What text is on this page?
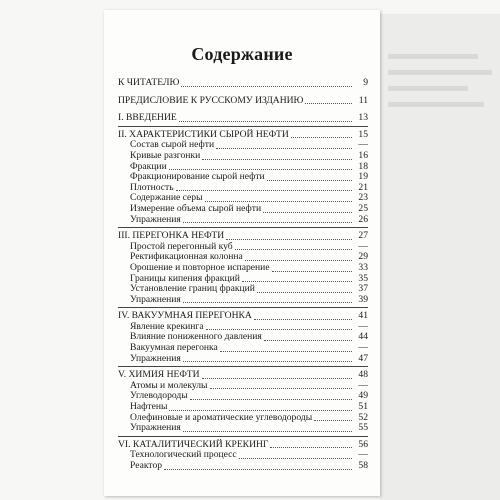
Содержание
К ЧИТАТЕЛЮ	9
ПРЕДИСЛОВИЕ К РУССКОМУ ИЗДАНИЮ	11
I. ВВЕДЕНИЕ	13
II. ХАРАКТЕРИСТИКИ СЫРОЙ НЕФТИ	15
Состав сырой нефти	—
Кривые разгонки	16
Фракции	18
Фракционирование сырой нефти	19
Плотность	21
Содержание серы	23
Измерение объема сырой нефти	25
Упражнения	26
III. ПЕРЕГОНКА НЕФТИ	27
Простой перегонный куб	—
Ректификационная колонна	29
Орошение и повторное испарение	33
Границы кипения фракций	35
Установление границ фракций	37
Упражнения	39
IV. ВАКУУМНАЯ ПЕРЕГОНКА	41
Явление крекинга	—
Влияние пониженного давления	44
Вакуумная перегонка	—
Упражнения	47
V. ХИМИЯ НЕФТИ	48
Атомы и молекулы	—
Углеводороды	49
Нафтены	51
Олефиновые и ароматические углеводороды	52
Упражнения	55
VI. КАТАЛИТИЧЕСКИЙ КРЕКИНГ	56
Технологический процесс	—
Реактор	58
